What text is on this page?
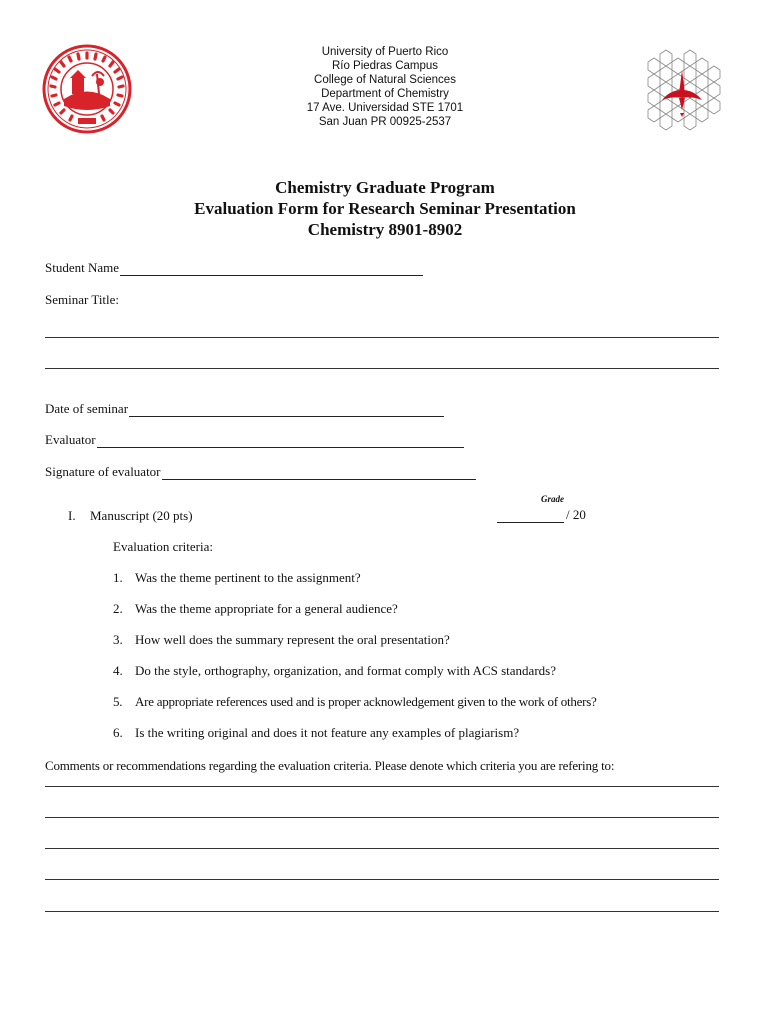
University of Puerto Rico
Río Piedras Campus
College of Natural Sciences
Department of Chemistry
17 Ave. Universidad STE 1701
San Juan PR 00925-2537
Chemistry Graduate Program
Evaluation Form for Research Seminar Presentation
Chemistry 8901-8902
Student Name
Seminar Title:
Date of seminar
Evaluator
Signature of evaluator
Grade
I. Manuscript (20 pts)	/ 20
Evaluation criteria:
1. Was the theme pertinent to the assignment?
2. Was the theme appropriate for a general audience?
3. How well does the summary represent the oral presentation?
4. Do the style, orthography, organization, and format comply with ACS standards?
5. Are appropriate references used and is proper acknowledgement given to the work of others?
6. Is the writing original and does it not feature any examples of plagiarism?
Comments or recommendations regarding the evaluation criteria. Please denote which criteria you are refering to:
